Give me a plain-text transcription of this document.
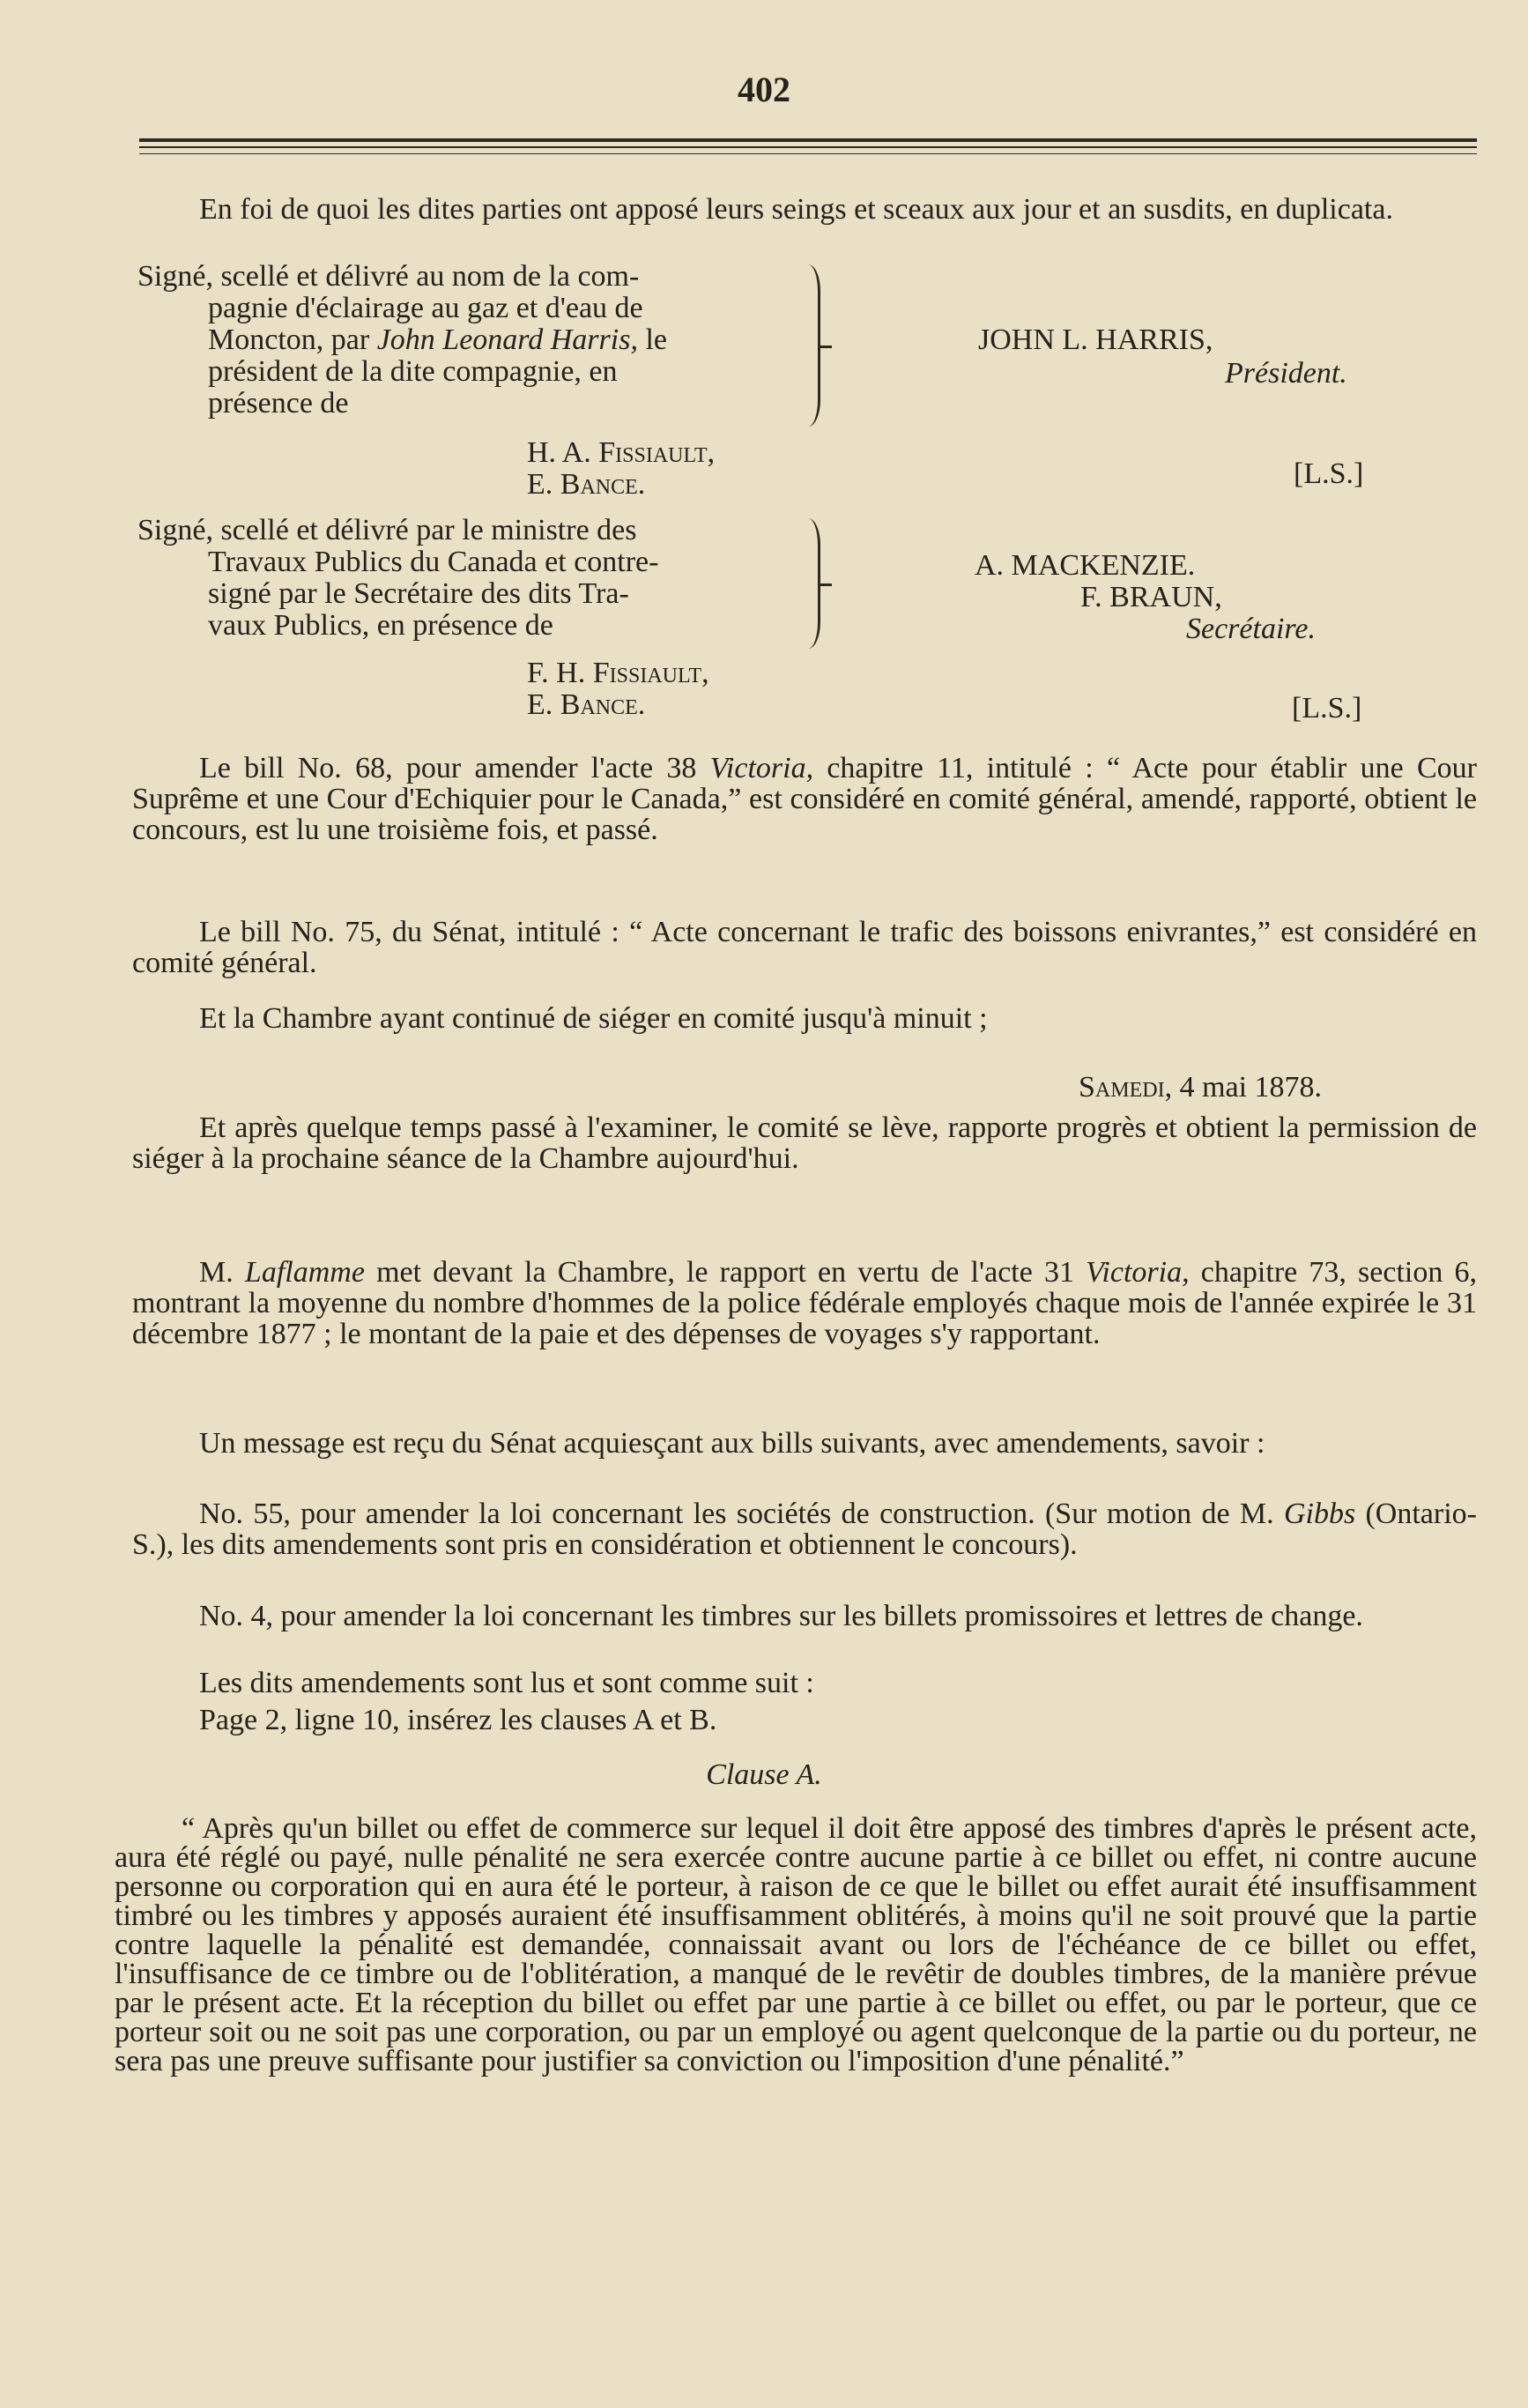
402
En foi de quoi les dites parties ont apposé leurs seings et sceaux aux jour et an susdits, en duplicata.
Signé, scellé et délivré au nom de la com-
pagnie d'éclairage au gaz et d'eau de
Moncton, par John Leonard Harris, le
président de la dite compagnie, en
présence de
H. A. Fissiault,
E. Bance.
JOHN L. HARRIS,
Président.
[L.S.]
Signé, scellé et délivré par le ministre des
Travaux Publics du Canada et contre-
signé par le Secrétaire des dits Tra-
vaux Publics, en présence de
F. H. Fissiault,
E. Bance.
A. MACKENZIE.
F. BRAUN,
Secrétaire.
[L.S.]
Le bill No. 68, pour amender l'acte 38 Victoria, chapitre 11, intitulé : “ Acte pour établir une Cour Suprême et une Cour d'Echiquier pour le Canada,” est considéré en comité général, amendé, rapporté, obtient le concours, est lu une troisième fois, et passé.
Le bill No. 75, du Sénat, intitulé : “ Acte concernant le trafic des boissons enivrantes,” est considéré en comité général.
Et la Chambre ayant continué de siéger en comité jusqu'à minuit ;
Samedi, 4 mai 1878.
Et après quelque temps passé à l'examiner, le comité se lève, rapporte progrès et obtient la permission de siéger à la prochaine séance de la Chambre aujourd'hui.
M. Laflamme met devant la Chambre, le rapport en vertu de l'acte 31 Victoria, chapitre 73, section 6, montrant la moyenne du nombre d'hommes de la police fédérale employés chaque mois de l'année expirée le 31 décembre 1877 ; le montant de la paie et des dépenses de voyages s'y rapportant.
Un message est reçu du Sénat acquiesçant aux bills suivants, avec amendements, savoir :
No. 55, pour amender la loi concernant les sociétés de construction. (Sur motion de M. Gibbs (Ontario-S.), les dits amendements sont pris en considération et obtiennent le concours).
No. 4, pour amender la loi concernant les timbres sur les billets promissoires et lettres de change.
Les dits amendements sont lus et sont comme suit :
Page 2, ligne 10, insérez les clauses A et B.
Clause A.
“ Après qu'un billet ou effet de commerce sur lequel il doit être apposé des timbres d'après le présent acte, aura été réglé ou payé, nulle pénalité ne sera exercée contre aucune partie à ce billet ou effet, ni contre aucune personne ou corporation qui en aura été le porteur, à raison de ce que le billet ou effet aurait été insuffisamment timbré ou les timbres y apposés auraient été insuffisamment oblitérés, à moins qu'il ne soit prouvé que la partie contre laquelle la pénalité est demandée, connaissait avant ou lors de l'échéance de ce billet ou effet, l'insuffisance de ce timbre ou de l'oblitération, a manqué de le revêtir de doubles timbres, de la manière prévue par le présent acte. Et la réception du billet ou effet par une partie à ce billet ou effet, ou par le porteur, que ce porteur soit ou ne soit pas une corporation, ou par un employé ou agent quelconque de la partie ou du porteur, ne sera pas une preuve suffisante pour justifier sa conviction ou l'imposition d'une pénalité.”
